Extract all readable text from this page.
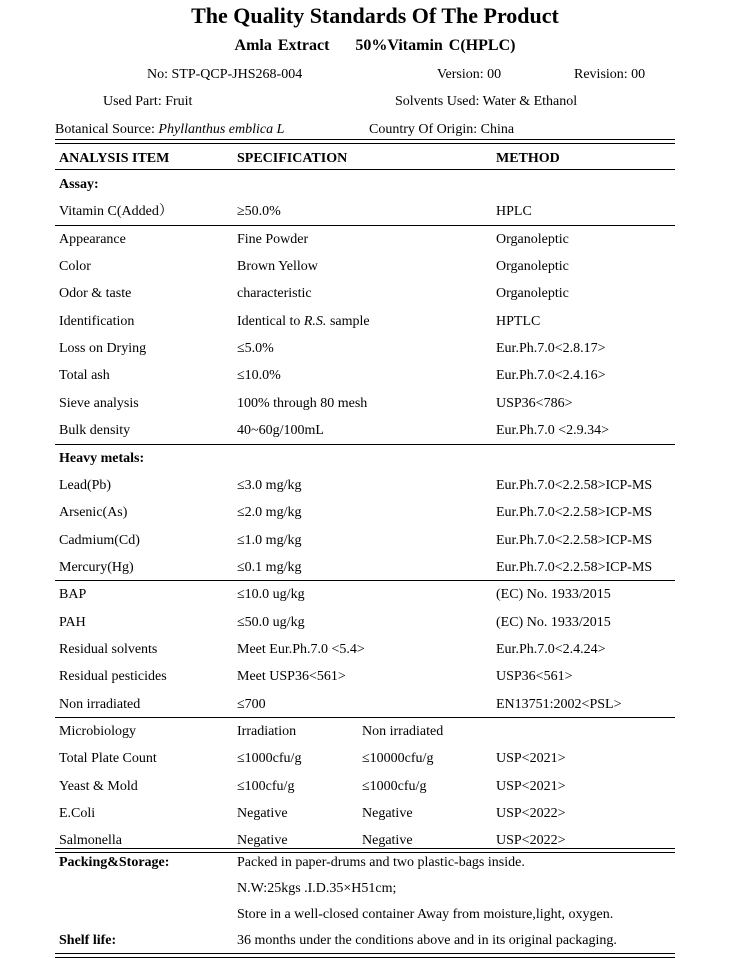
The Quality Standards Of The Product
Amla Extract 50%Vitamin C(HPLC)
No: STP-QCP-JHS268-004	Version: 00	Revision: 00
Used Part: Fruit	Solvents Used: Water & Ethanol
Botanical Source: Phyllanthus emblica L	Country Of Origin: China
ANALYSIS ITEM	SPECIFICATION	METHOD
Assay:
Vitamin C(Added）	≥50.0%	HPLC
Appearance	Fine Powder	Organoleptic
Color	Brown Yellow	Organoleptic
Odor & taste	characteristic	Organoleptic
Identification	Identical to R.S. sample	HPTLC
Loss on Drying	≤5.0%	Eur.Ph.7.0<2.8.17>
Total ash	≤10.0%	Eur.Ph.7.0<2.4.16>
Sieve analysis	100% through 80 mesh	USP36<786>
Bulk density	40~60g/100mL	Eur.Ph.7.0 <2.9.34>
Heavy metals:
Lead(Pb)	≤3.0 mg/kg	Eur.Ph.7.0<2.2.58>ICP-MS
Arsenic(As)	≤2.0 mg/kg	Eur.Ph.7.0<2.2.58>ICP-MS
Cadmium(Cd)	≤1.0 mg/kg	Eur.Ph.7.0<2.2.58>ICP-MS
Mercury(Hg)	≤0.1 mg/kg	Eur.Ph.7.0<2.2.58>ICP-MS
BAP	≤10.0 ug/kg	(EC) No. 1933/2015
PAH	≤50.0 ug/kg	(EC) No. 1933/2015
Residual solvents	Meet Eur.Ph.7.0 <5.4>	Eur.Ph.7.0<2.4.24>
Residual pesticides	Meet USP36<561>	USP36<561>
Non irradiated	≤700	EN13751:2002<PSL>
Microbiology	Irradiation	Non irradiated
Total Plate Count	≤1000cfu/g	≤10000cfu/g	USP<2021>
Yeast & Mold	≤100cfu/g	≤1000cfu/g	USP<2021>
E.Coli	Negative	Negative	USP<2022>
Salmonella	Negative	Negative	USP<2022>
Packing&Storage:	Packed in paper-drums and two plastic-bags inside.
N.W:25kgs .I.D.35×H51cm;
Store in a well-closed container Away from moisture,light, oxygen.
Shelf life:	36 months under the conditions above and in its original packaging.
